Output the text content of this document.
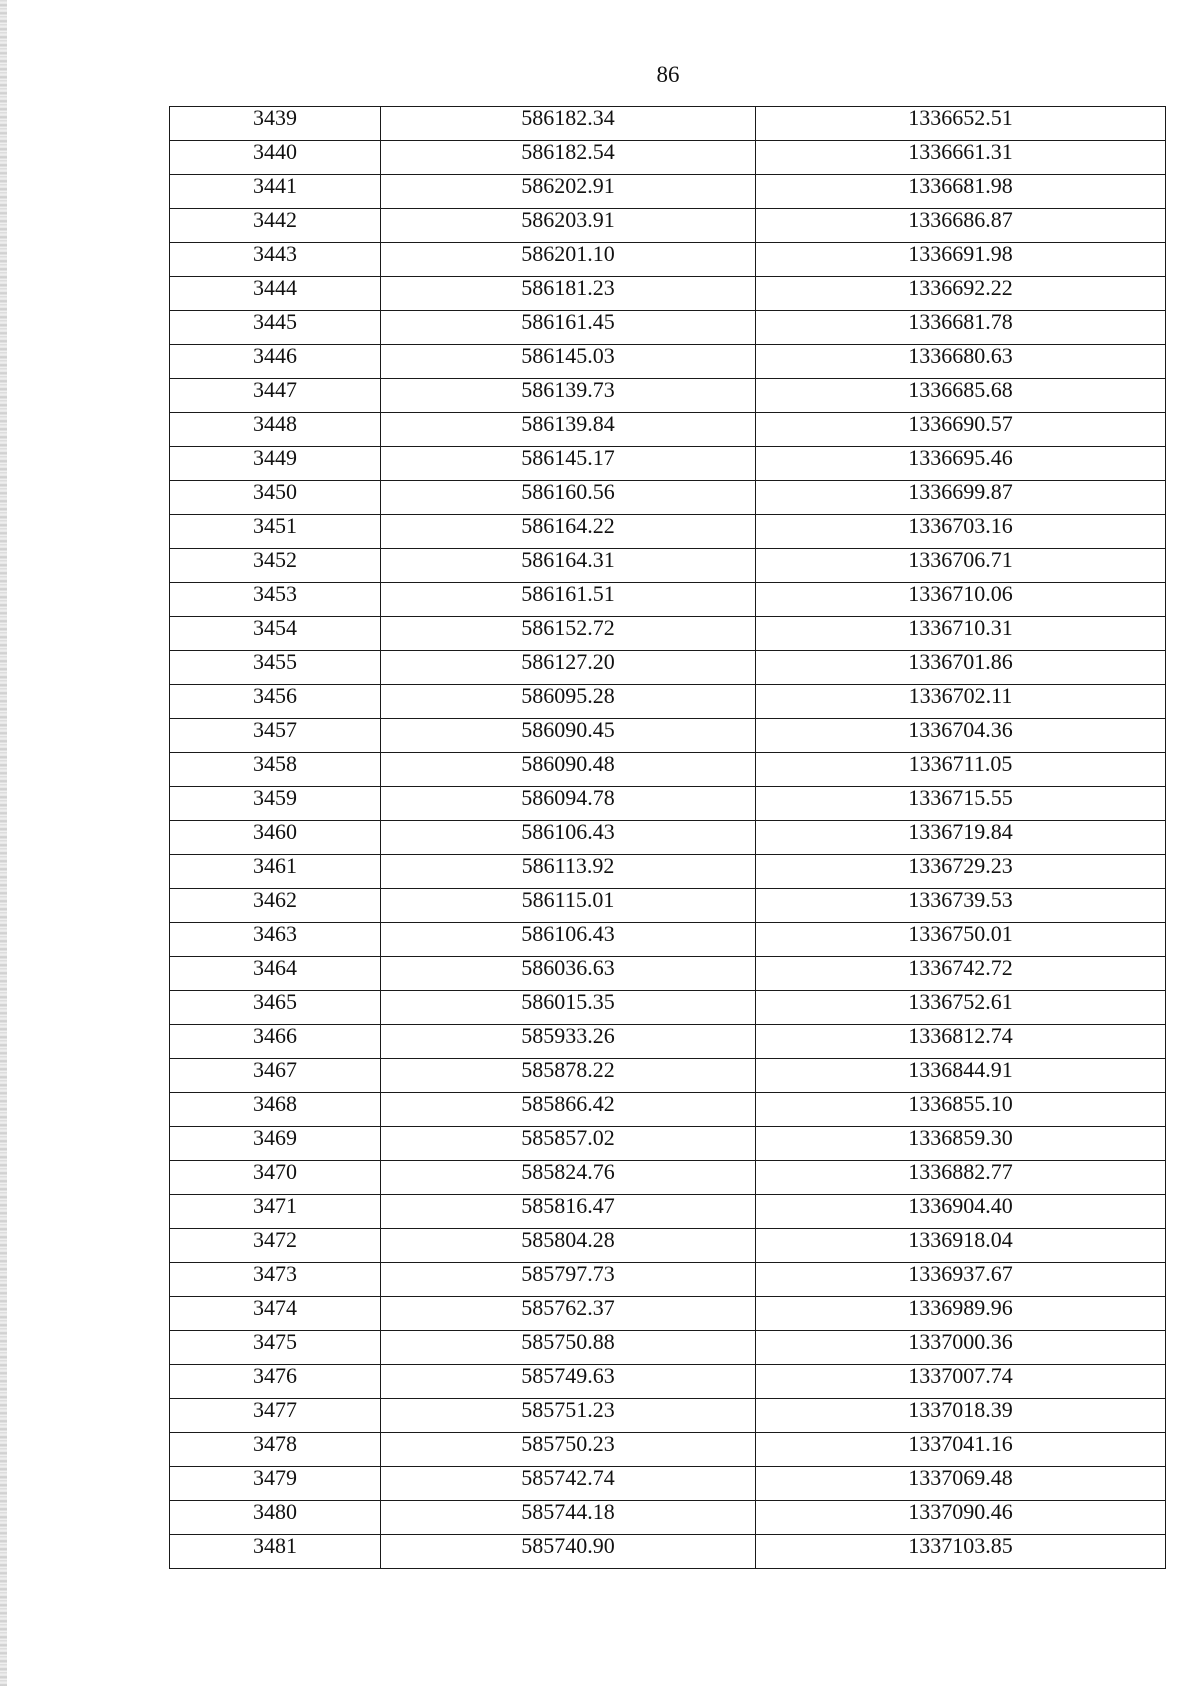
86
3439	586182.34	1336652.51
3440	586182.54	1336661.31
3441	586202.91	1336681.98
3442	586203.91	1336686.87
3443	586201.10	1336691.98
3444	586181.23	1336692.22
3445	586161.45	1336681.78
3446	586145.03	1336680.63
3447	586139.73	1336685.68
3448	586139.84	1336690.57
3449	586145.17	1336695.46
3450	586160.56	1336699.87
3451	586164.22	1336703.16
3452	586164.31	1336706.71
3453	586161.51	1336710.06
3454	586152.72	1336710.31
3455	586127.20	1336701.86
3456	586095.28	1336702.11
3457	586090.45	1336704.36
3458	586090.48	1336711.05
3459	586094.78	1336715.55
3460	586106.43	1336719.84
3461	586113.92	1336729.23
3462	586115.01	1336739.53
3463	586106.43	1336750.01
3464	586036.63	1336742.72
3465	586015.35	1336752.61
3466	585933.26	1336812.74
3467	585878.22	1336844.91
3468	585866.42	1336855.10
3469	585857.02	1336859.30
3470	585824.76	1336882.77
3471	585816.47	1336904.40
3472	585804.28	1336918.04
3473	585797.73	1336937.67
3474	585762.37	1336989.96
3475	585750.88	1337000.36
3476	585749.63	1337007.74
3477	585751.23	1337018.39
3478	585750.23	1337041.16
3479	585742.74	1337069.48
3480	585744.18	1337090.46
3481	585740.90	1337103.85
